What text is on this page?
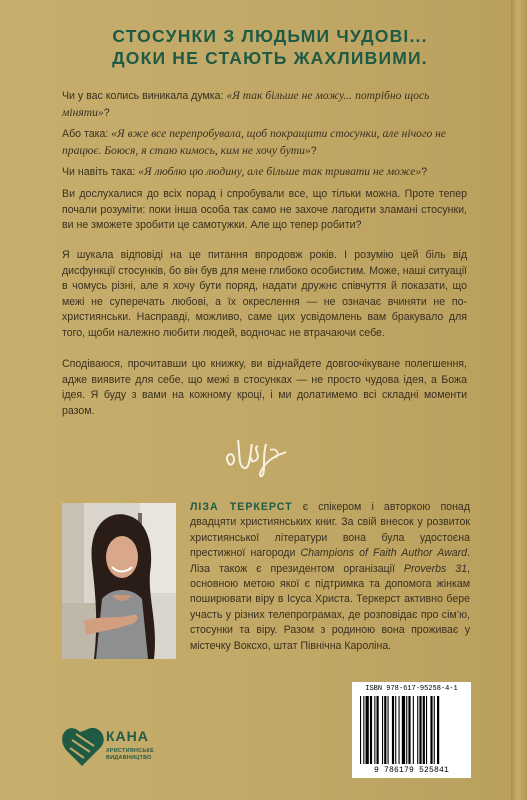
СТОСУНКИ З ЛЮДЬМИ ЧУДОВІ...

ДОКИ НЕ СТАЮТЬ ЖАХЛИВИМИ.

Чи у вас колись виникала думка: «Я так більше не можу... потрібно щось міняти»?

Або така: «Я вже все перепробувала, щоб покращити стосунки, але нічого не працює. Боюся, я стаю кимось, ким не хочу бути»?

Чи навіть така: «Я люблю цю людину, але більше так тривати не може»?

Ви дослухалися до всіх порад і спробували все, що тільки можна. Проте тепер почали розуміти: поки інша особа так само не захоче лагодити зламані стосунки, ви не зможете зробити це самотужки. Але що тепер робити?

Я шукала відповіді на це питання впродовж років. І розумію цей біль від дисфункції стосунків, бо він був для мене глибоко особистим. Може, наші ситуації в чомусь різні, але я хочу бути поряд, надати дружнє співчуття й показати, що межі не суперечать любові, а їх окреслення — не означає вчиняти не по-християнськи. Насправді, можливо, саме цих усвідомлень вам бракувало для того, щоби належно любити людей, водночас не втрачаючи себе.

Сподіваюся, прочитавши цю книжку, ви віднайдете довгоочікуване полегшення, адже виявите для себе, що межі в стосунках — не просто чудова ідея, а Божа ідея. Я буду з вами на кожному кроці, і ми долатимемо всі складні моменти разом.

ЛІЗА ТЕРКЕРСТ є спікером і авторкою понад двадцяти християнських книг. За свій внесок у розвиток християнської літератури вона була удостоєна престижної нагороди Champions of Faith Author Award. Ліза також є президентом організації Proverbs 31, основною метою якої є підтримка та допомога жінкам поширювати віру в Ісуса Христа. Теркерст активно бере участь у різних телепрограмах, де розповідає про сім’ю, стосунки та віру. Разом з родиною вона проживає у містечку Воксхо, штат Північна Кароліна.

КАНА

ХРИСТИЯНСЬКЕ ВИДАВНИЦТВО

ISBN 978-617-95258-4-1

9 786179 525841
